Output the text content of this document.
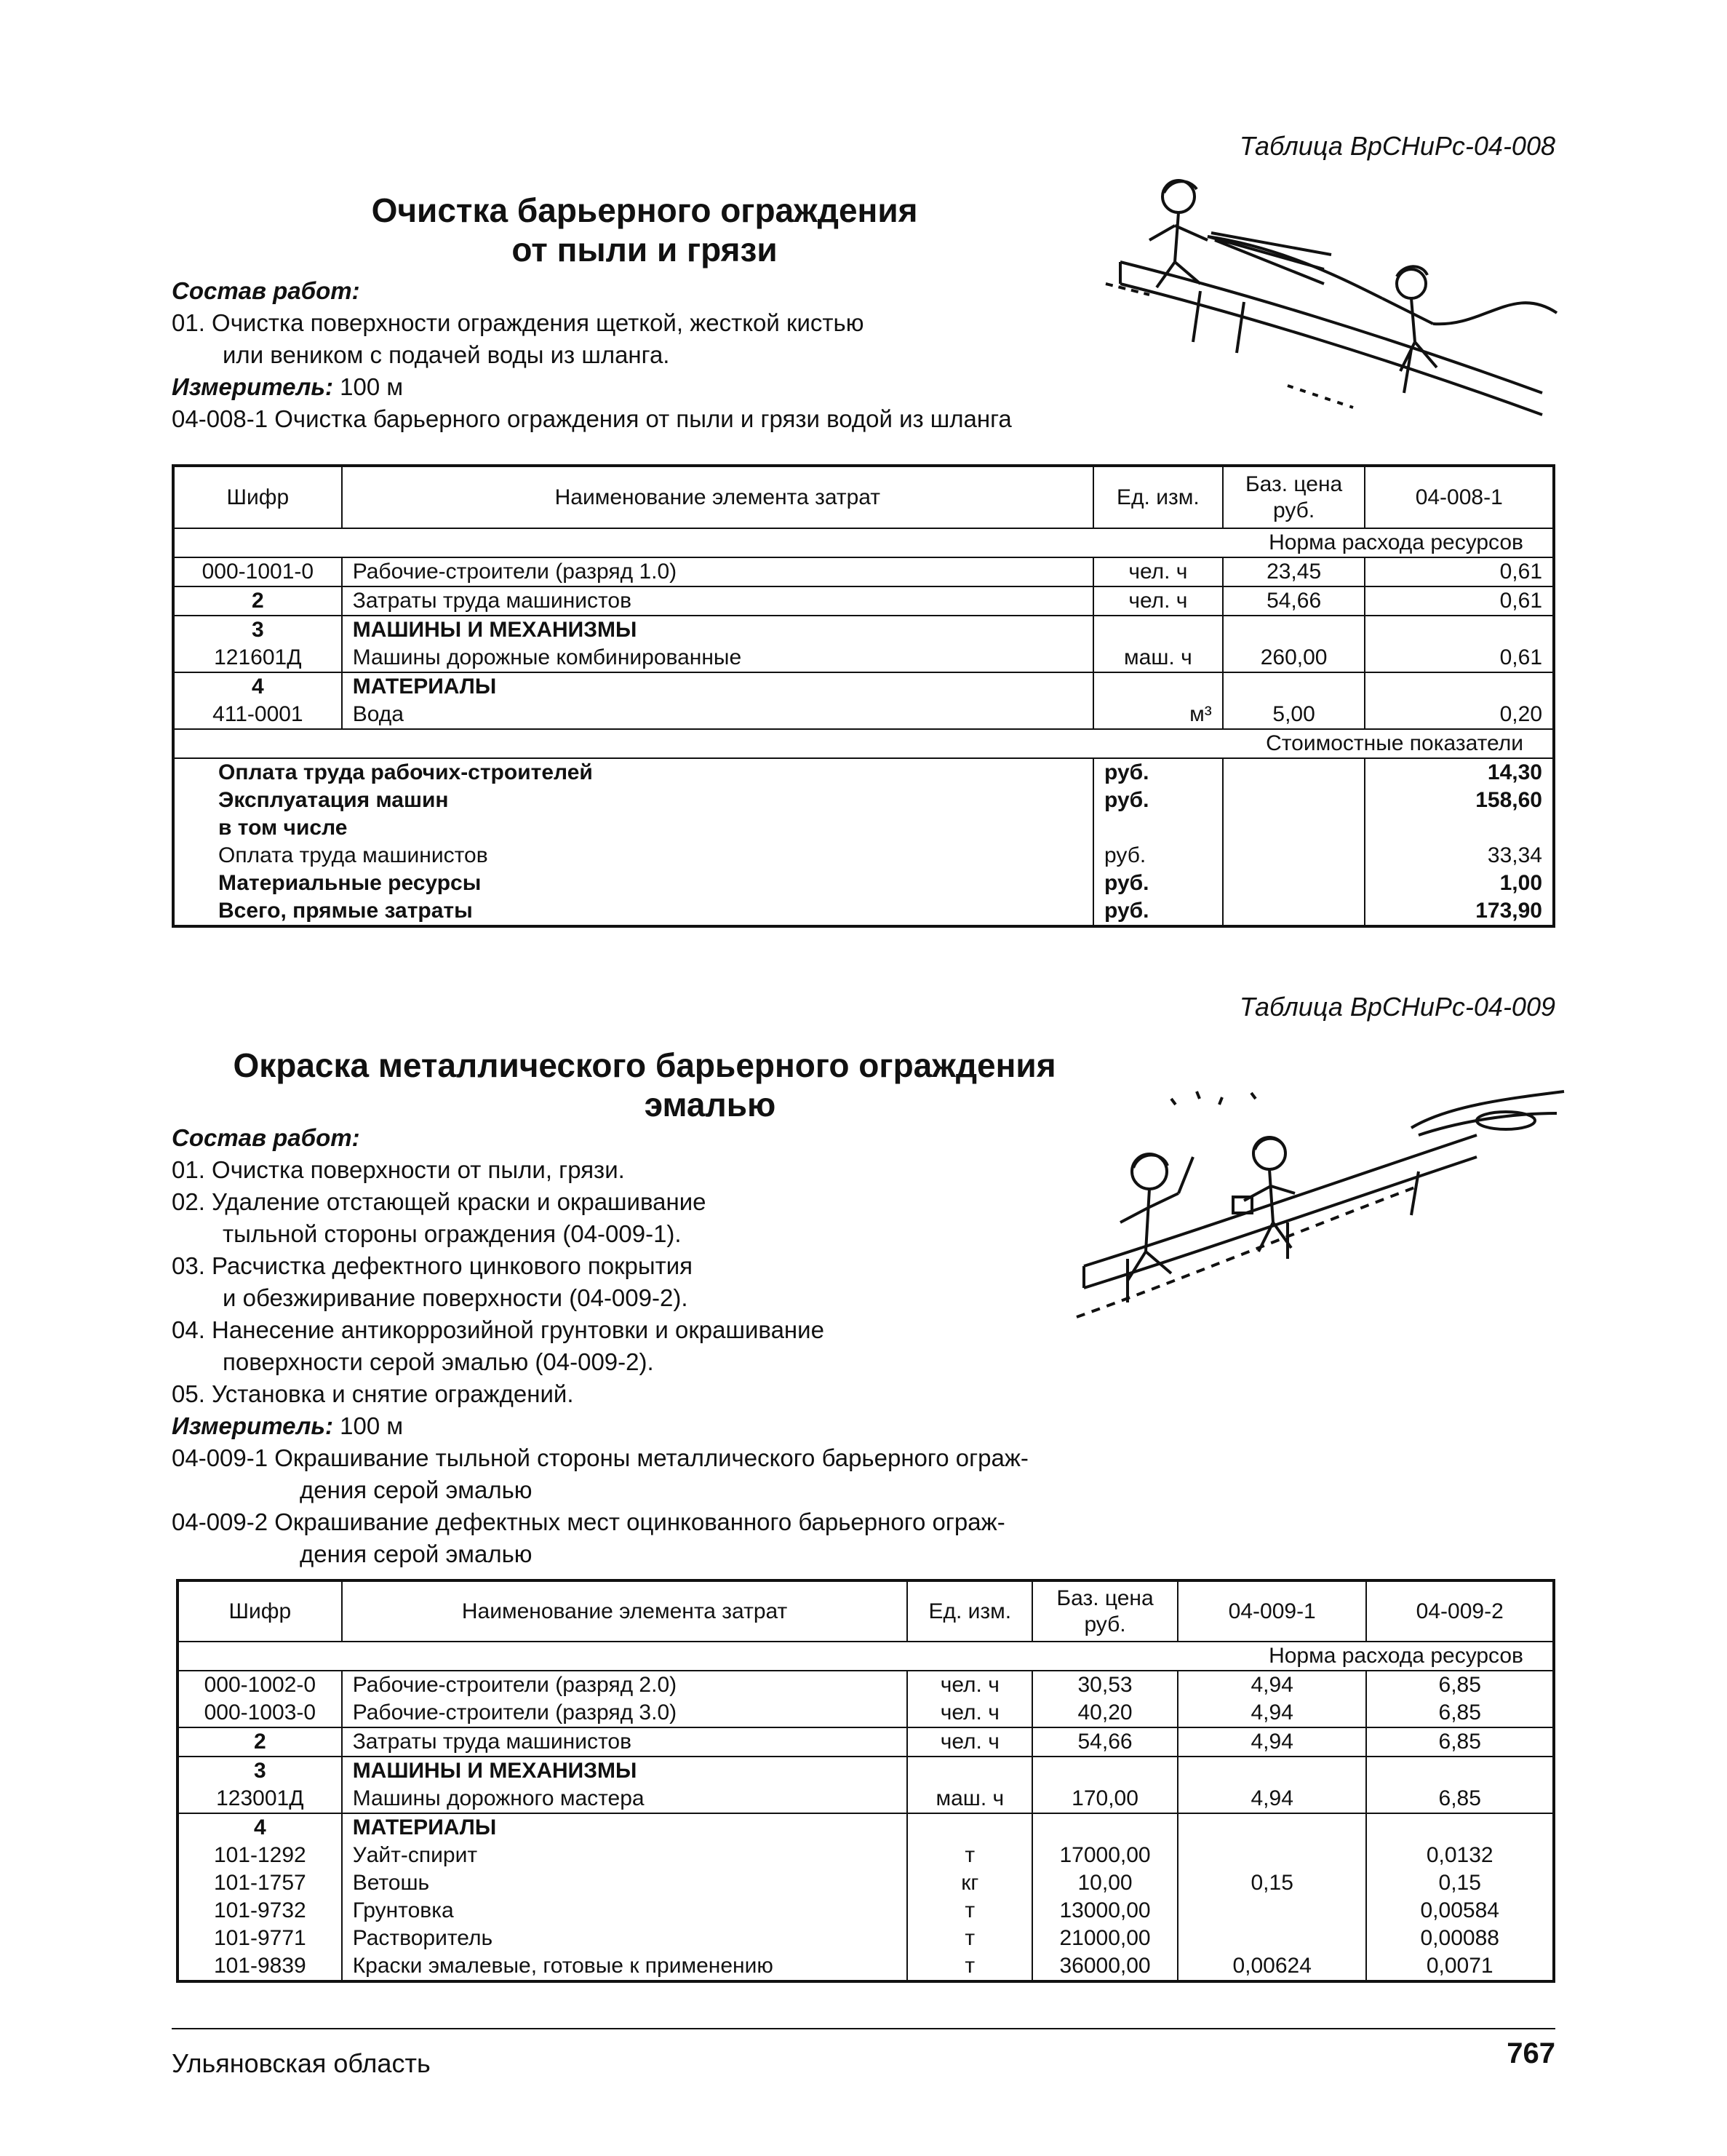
Таблица ВрСНиРс-04-008
Очистка барьерного ограждения
от пыли и грязи
Состав работ:
01. Очистка поверхности ограждения щеткой, жесткой кистью
или веником с подачей воды из шланга.
Измеритель: 100 м
04-008-1 Очистка барьерного ограждения от пыли и грязи водой из шланга
Шифр	Наименование элемента затрат	Ед. изм.	Баз. цена руб.	04-008-1
Норма расхода ресурсов				
000-1001-0	Рабочие-строители (разряд 1.0)	чел. ч	23,45	0,61
2	Затраты труда машинистов	чел. ч	54,66	0,61
3	МАШИНЫ И МЕХАНИЗМЫ			
121601Д	Машины дорожные комбинированные	маш. ч	260,00	0,61
4	МАТЕРИАЛЫ			
411-0001	Вода	м³	5,00	0,20
Стоимостные показатели				
Оплата труда рабочих-строителей		руб.		14,30
Эксплуатация машин		руб.		158,60
в том числе				
Оплата труда машинистов		руб.		33,34
Материальные ресурсы		руб.		1,00
Всего, прямые затраты		руб.		173,90
Таблица ВрСНиРс-04-009
Окраска металлического барьерного ограждения
эмалью
Состав работ:
01. Очистка поверхности от пыли, грязи.
02. Удаление отстающей краски и окрашивание
тыльной стороны ограждения (04-009-1).
03. Расчистка дефектного цинкового покрытия
и обезжиривание поверхности (04-009-2).
04. Нанесение антикоррозийной грунтовки и окрашивание
поверхности серой эмалью (04-009-2).
05. Установка и снятие ограждений.
Измеритель: 100 м
04-009-1 Окрашивание тыльной стороны металлического барьерного ограж-
дения серой эмалью
04-009-2 Окрашивание дефектных мест оцинкованного барьерного ограж-
дения серой эмалью
Шифр	Наименование элемента затрат	Ед. изм.	Баз. цена руб.	04-009-1	04-009-2
Норма расхода ресурсов					
000-1002-0	Рабочие-строители (разряд 2.0)	чел. ч	30,53	4,94	6,85
000-1003-0	Рабочие-строители (разряд 3.0)	чел. ч	40,20	4,94	6,85
2	Затраты труда машинистов	чел. ч	54,66	4,94	6,85
3	МАШИНЫ И МЕХАНИЗМЫ				
123001Д	Машины дорожного мастера	маш. ч	170,00	4,94	6,85
4	МАТЕРИАЛЫ				
101-1292	Уайт-спирит	т	17000,00		0,0132
101-1757	Ветошь	кг	10,00	0,15	0,15
101-9732	Грунтовка	т	13000,00		0,00584
101-9771	Растворитель	т	21000,00		0,00088
101-9839	Краски эмалевые, готовые к применению	т	36000,00	0,00624	0,0071
Ульяновская область	767
